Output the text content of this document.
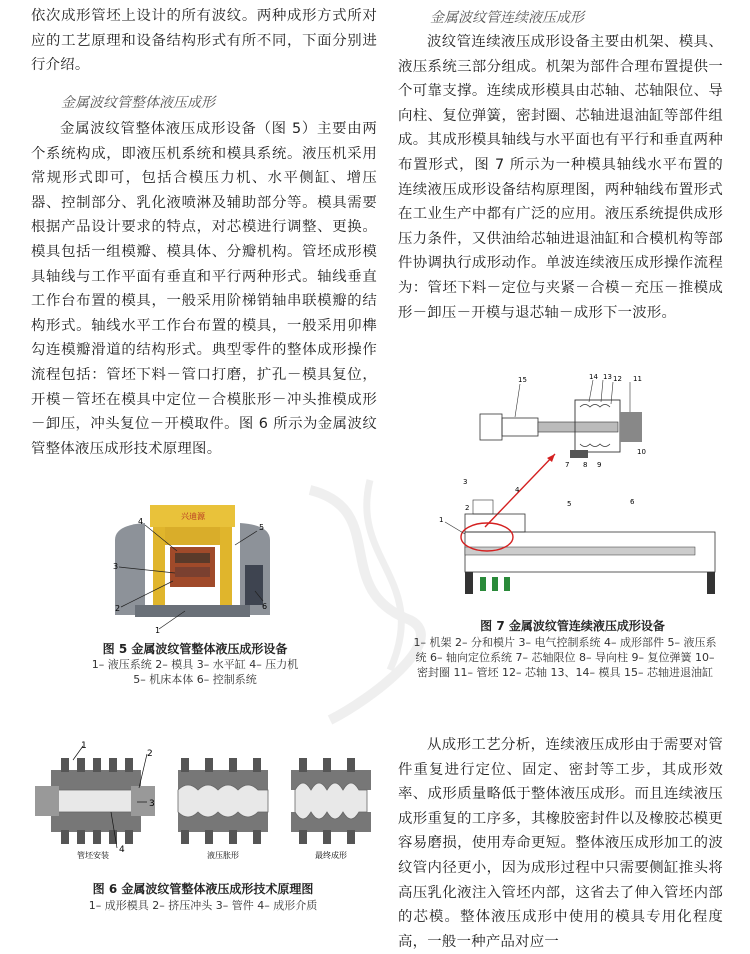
依次成形管坯上设计的所有波纹。两种成形方式所对应的工艺原理和设备结构形式有所不同，下面分别进行介绍。

金属波纹管整体液压成形

金属波纹管整体液压成形设备（图 5）主要由两个系统构成，即液压机系统和模具系统。液压机采用常规形式即可，包括合模压力机、水平侧缸、增压器、控制部分、乳化液喷淋及辅助部分等。模具需要根据产品设计要求的特点，对芯模进行调整、更换。模具包括一组模瓣、模具体、分瓣机构。管坯成形模具轴线与工作平面有垂直和平行两种形式。轴线垂直工作台布置的模具，一般采用阶梯销轴串联模瓣的结构形式。轴线水平工作台布置的模具，一般采用卯榫勾连模瓣滑道的结构形式。典型零件的整体成形操作流程包括：管坯下料－管口打磨，扩孔－模具复位，开模－管坯在模具中定位－合模胀形－冲头推模成形－卸压，冲头复位－开模取件。图 6 所示为金属波纹管整体液压成形技术原理图。

金属波纹管连续液压成形

波纹管连续液压成形设备主要由机架、模具、液压系统三部分组成。机架为部件合理布置提供一个可靠支撑。连续成形模具由芯轴、芯轴限位、导向柱、复位弹簧，密封圈、芯轴进退油缸等部件组成。其成形模具轴线与水平面也有平行和垂直两种布置形式，图 7 所示为一种模具轴线水平布置的连续液压成形设备结构原理图，两种轴线布置形式在工业生产中都有广泛的应用。液压系统提供成形压力条件，又供油给芯轴进退油缸和合模机构等部件协调执行成形动作。单波连续液压成形操作流程为：管坯下料－定位与夹紧－合模－充压－推模成形－卸压－开模与退芯轴－成形下一波形。

从成形工艺分析，连续液压成形由于需要对管件重复进行定位、固定、密封等工步，其成形效率、成形质量略低于整体液压成形。而且连续液压成形重复的工序多，其橡胶密封件以及橡胶芯模更容易磨损，使用寿命更短。整体液压成形加工的波纹管内径更小，因为成形过程中只需要侧缸推头将高压乳化液注入管坯内部，这省去了伸入管坯内部的芯模。整体液压成形中使用的模具专用化程度高，一般一种产品对应一

兴迪源
1
2
3
4
5
6

图 5 金属波纹管整体液压成形设备

1– 液压系统 2– 模具 3– 水平缸 4– 压力机

5– 机床本体 6– 控制系统

1
2
3
4
管坯安装	液压胀形	最终成形

图 6 金属波纹管整体液压成形技术原理图

1– 成形模具 2– 挤压冲头 3– 管件 4– 成形介质

15	14 13 12 11
7 8 9
10
1
2
3
4
5	6

图 7 金属波纹管连续液压成形设备

1– 机架 2– 分和模片 3– 电气控制系统 4– 成形部件 5– 液压系

统 6– 轴向定位系统 7– 芯轴限位 8– 导向柱 9– 复位弹簧 10–

密封圈 11– 管坯 12– 芯轴 13、14– 模具 15– 芯轴进退油缸
